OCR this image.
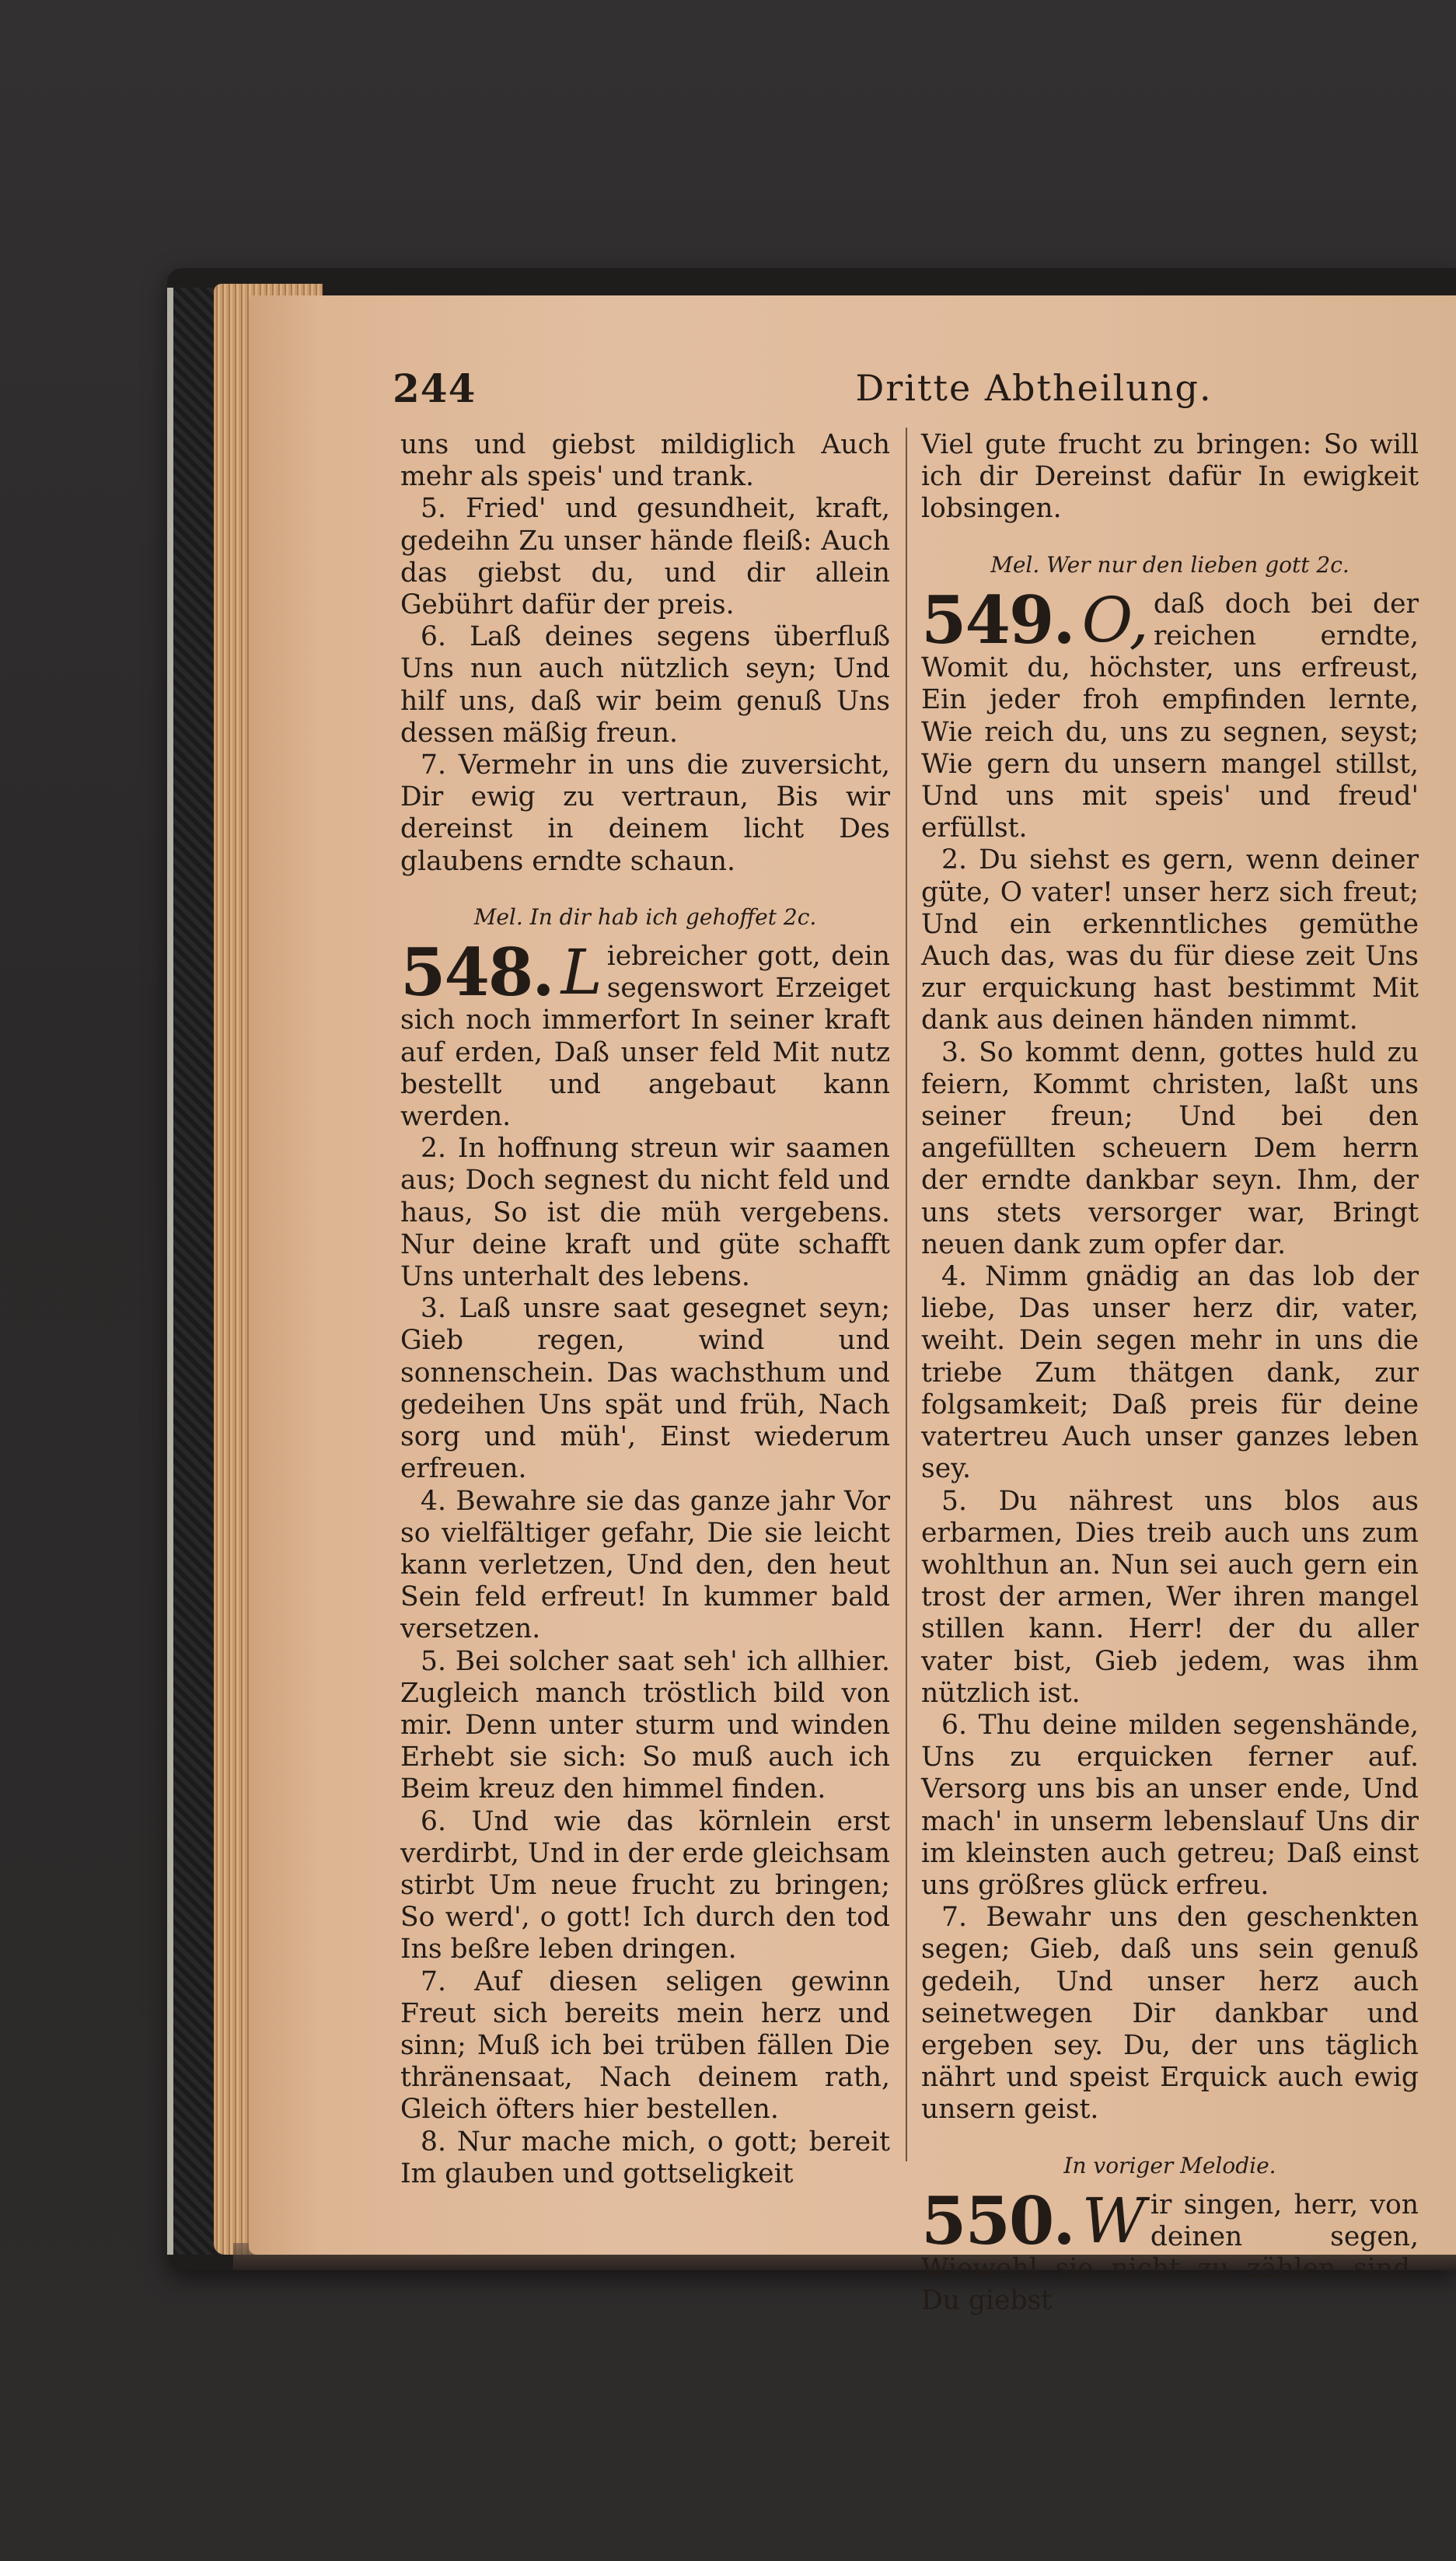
244	Dritte Abtheilung.

uns und giebst mildiglich Auch mehr als speis' und trank.

5. Fried' und gesundheit, kraft, gedeihn Zu unser hände fleiß: Auch das giebst du, und dir allein Gebührt dafür der preis.

6. Laß deines segens überfluß Uns nun auch nützlich seyn; Und hilf uns, daß wir beim genuß Uns dessen mäßig freun.

7. Vermehr in uns die zuversicht, Dir ewig zu vertraun, Bis wir dereinst in deinem licht Des glaubens erndte schaun.

Mel. In dir hab ich gehoffet 2c.

548. L iebreicher gott, dein segenswort Erzeiget sich noch immerfort In seiner kraft auf erden, Daß unser feld Mit nutz bestellt und angebaut kann werden.

2. In hoffnung streun wir saamen aus; Doch segnest du nicht feld und haus, So ist die müh vergebens. Nur deine kraft und güte schafft Uns unterhalt des lebens.

3. Laß unsre saat gesegnet seyn; Gieb regen, wind und sonnenschein. Das wachsthum und gedeihen Uns spät und früh, Nach sorg und müh', Einst wiederum erfreuen.

4. Bewahre sie das ganze jahr Vor so vielfältiger gefahr, Die sie leicht kann verletzen, Und den, den heut Sein feld erfreut! In kummer bald versetzen.

5. Bei solcher saat seh' ich allhier. Zugleich manch tröstlich bild von mir. Denn unter sturm und winden Erhebt sie sich: So muß auch ich Beim kreuz den himmel finden.

6. Und wie das körnlein erst verdirbt, Und in der erde gleichsam stirbt Um neue frucht zu bringen; So werd', o gott! Ich durch den tod Ins beßre leben dringen.

7. Auf diesen seligen gewinn Freut sich bereits mein herz und sinn; Muß ich bei trüben fällen Die thränensaat, Nach deinem rath, Gleich öfters hier bestellen.

8. Nur mache mich, o gott; bereit Im glauben und gottseligkeit

Viel gute frucht zu bringen: So will ich dir Dereinst dafür In ewigkeit lobsingen.

Mel. Wer nur den lieben gott 2c.

549. O, daß doch bei der reichen erndte, Womit du, höchster, uns erfreust, Ein jeder froh empfinden lernte, Wie reich du, uns zu segnen, seyst; Wie gern du unsern mangel stillst, Und uns mit speis' und freud' erfüllst.

2. Du siehst es gern, wenn deiner güte, O vater! unser herz sich freut; Und ein erkenntliches gemüthe Auch das, was du für diese zeit Uns zur erquickung hast bestimmt Mit dank aus deinen händen nimmt.

3. So kommt denn, gottes huld zu feiern, Kommt christen, laßt uns seiner freun; Und bei den angefüllten scheuern Dem herrn der erndte dankbar seyn. Ihm, der uns stets versorger war, Bringt neuen dank zum opfer dar.

4. Nimm gnädig an das lob der liebe, Das unser herz dir, vater, weiht. Dein segen mehr in uns die triebe Zum thätgen dank, zur folgsamkeit; Daß preis für deine vatertreu Auch unser ganzes leben sey.

5. Du nährest uns blos aus erbarmen, Dies treib auch uns zum wohlthun an. Nun sei auch gern ein trost der armen, Wer ihren mangel stillen kann. Herr! der du aller vater bist, Gieb jedem, was ihm nützlich ist.

6. Thu deine milden segenshände, Uns zu erquicken ferner auf. Versorg uns bis an unser ende, Und mach' in unserm lebenslauf Uns dir im kleinsten auch getreu; Daß einst uns größres glück erfreu.

7. Bewahr uns den geschenkten segen; Gieb, daß uns sein genuß gedeih, Und unser herz auch seinetwegen Dir dankbar und ergeben sey. Du, der uns täglich nährt und speist Erquick auch ewig unsern geist.

In voriger Melodie.

550. W ir singen, herr, von deinen segen, Wiewohl sie nicht zu zählen sind. Du giebst
